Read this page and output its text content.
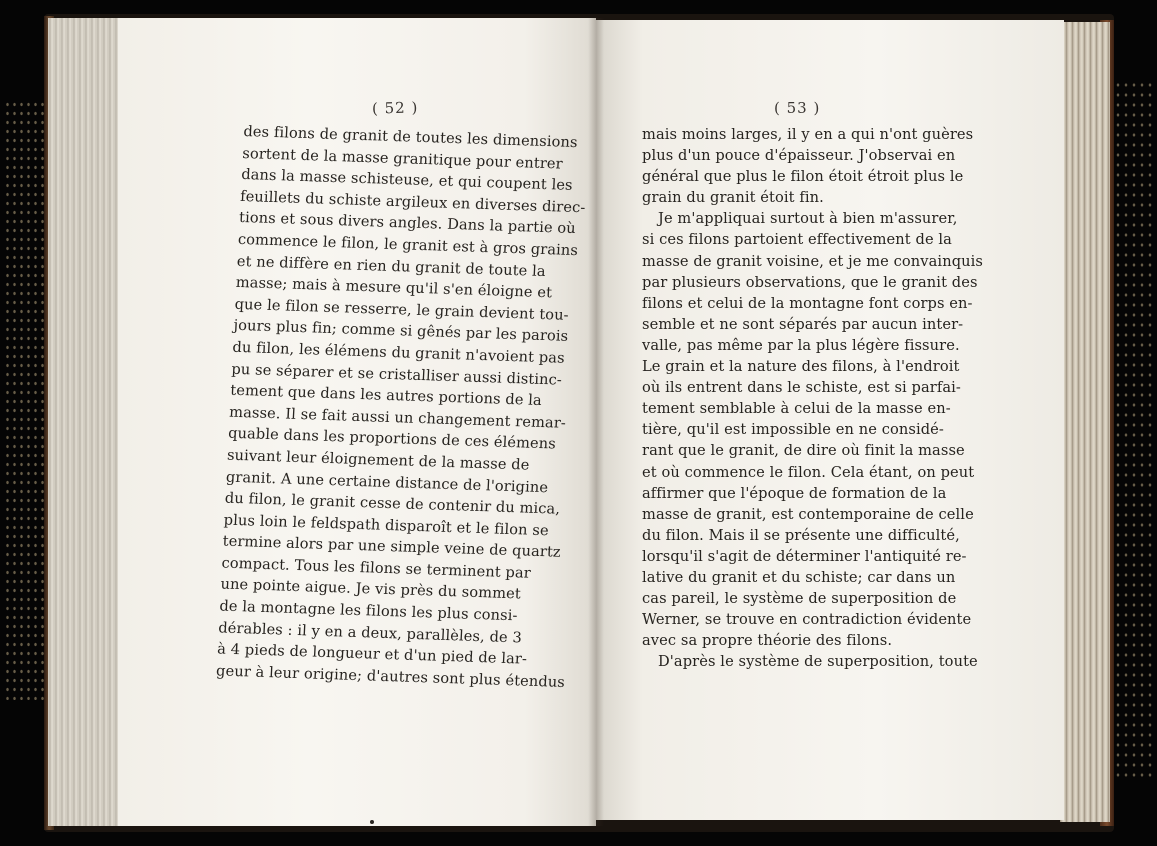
( 52 )	( 53 )
des filons de granit de toutes les dimensions
sortent de la masse granitique pour entrer
dans la masse schisteuse, et qui coupent les
feuillets du schiste argileux en diverses direc-
tions et sous divers angles. Dans la partie où
commence le filon, le granit est à gros grains
et ne diffère en rien du granit de toute la
masse; mais à mesure qu'il s'en éloigne et
que le filon se resserre, le grain devient tou-
jours plus fin; comme si gênés par les parois
du filon, les élémens du granit n'avoient pas
pu se séparer et se cristalliser aussi distinc-
tement que dans les autres portions de la
masse. Il se fait aussi un changement remar-
quable dans les proportions de ces élémens
suivant leur éloignement de la masse de
granit. A une certaine distance de l'origine
du filon, le granit cesse de contenir du mica,
plus loin le feldspath disparoît et le filon se
termine alors par une simple veine de quartz
compact. Tous les filons se terminent par
une pointe aigue. Je vis près du sommet
de la montagne les filons les plus consi-
dérables : il y en a deux, parallèles, de 3
à 4 pieds de longueur et d'un pied de lar-
geur à leur origine; d'autres sont plus étendus
mais moins larges, il y en a qui n'ont guères
plus d'un pouce d'épaisseur. J'observai en
général que plus le filon étoit étroit plus le
grain du granit étoit fin.
Je m'appliquai surtout à bien m'assurer,
si ces filons partoient effectivement de la
masse de granit voisine, et je me convainquis
par plusieurs observations, que le granit des
filons et celui de la montagne font corps en-
semble et ne sont séparés par aucun inter-
valle, pas même par la plus légère fissure.
Le grain et la nature des filons, à l'endroit
où ils entrent dans le schiste, est si parfai-
tement semblable à celui de la masse en-
tière, qu'il est impossible en ne considé-
rant que le granit, de dire où finit la masse
et où commence le filon. Cela étant, on peut
affirmer que l'époque de formation de la
masse de granit, est contemporaine de celle
du filon. Mais il se présente une difficulté,
lorsqu'il s'agit de déterminer l'antiquité re-
lative du granit et du schiste; car dans un
cas pareil, le système de superposition de
Werner, se trouve en contradiction évidente
avec sa propre théorie des filons.
D'après le système de superposition, toute
